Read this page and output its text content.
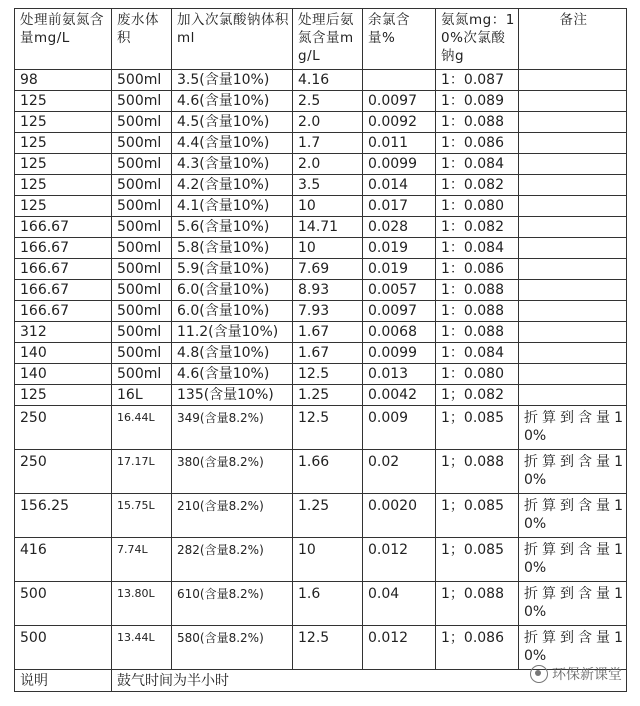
处理前氨氮含量mg/L	废水体积	加入次氯酸钠体积ml	处理后氨氮含量mg/L	余氯含量%	氨氮mg：10%次氯酸钠g	备注
98	500ml	3.5(含量10%)	4.16		1：0.087	
125	500ml	4.6(含量10%)	2.5	0.0097	1：0.089	
125	500ml	4.5(含量10%)	2.0	0.0092	1：0.088	
125	500ml	4.4(含量10%)	1.7	0.011	1：0.086	
125	500ml	4.3(含量10%)	2.0	0.0099	1：0.084	
125	500ml	4.2(含量10%)	3.5	0.014	1：0.082	
125	500ml	4.1(含量10%)	10	0.017	1：0.080	
166.67	500ml	5.6(含量10%)	14.71	0.028	1：0.082	
166.67	500ml	5.8(含量10%)	10	0.019	1：0.084	
166.67	500ml	5.9(含量10%)	7.69	0.019	1：0.086	
166.67	500ml	6.0(含量10%)	8.93	0.0057	1：0.088	
166.67	500ml	6.0(含量10%)	7.93	0.0097	1：0.088	
312	500ml	11.2(含量10%)	1.67	0.0068	1：0.088	
140	500ml	4.8(含量10%)	1.67	0.0099	1：0.084	
140	500ml	4.6(含量10%)	12.5	0.013	1：0.080	
125	16L	135(含量10%)	1.25	0.0042	1；0.082	
250	16.44L	349(含量8.2%)	12.5	0.009	1；0.085	折算到含量10%
250	17.17L	380(含量8.2%)	1.66	0.02	1；0.088	折算到含量10%
156.25	15.75L	210(含量8.2%)	1.25	0.0020	1；0.085	折算到含量10%
416	7.74L	282(含量8.2%)	10	0.012	1；0.085	折算到含量10%
500	13.80L	610(含量8.2%)	1.6	0.04	1；0.088	折算到含量10%
500	13.44L	580(含量8.2%)	12.5	0.012	1；0.086	折算到含量10%
说明	鼓气时间为半小时						环保新课堂
